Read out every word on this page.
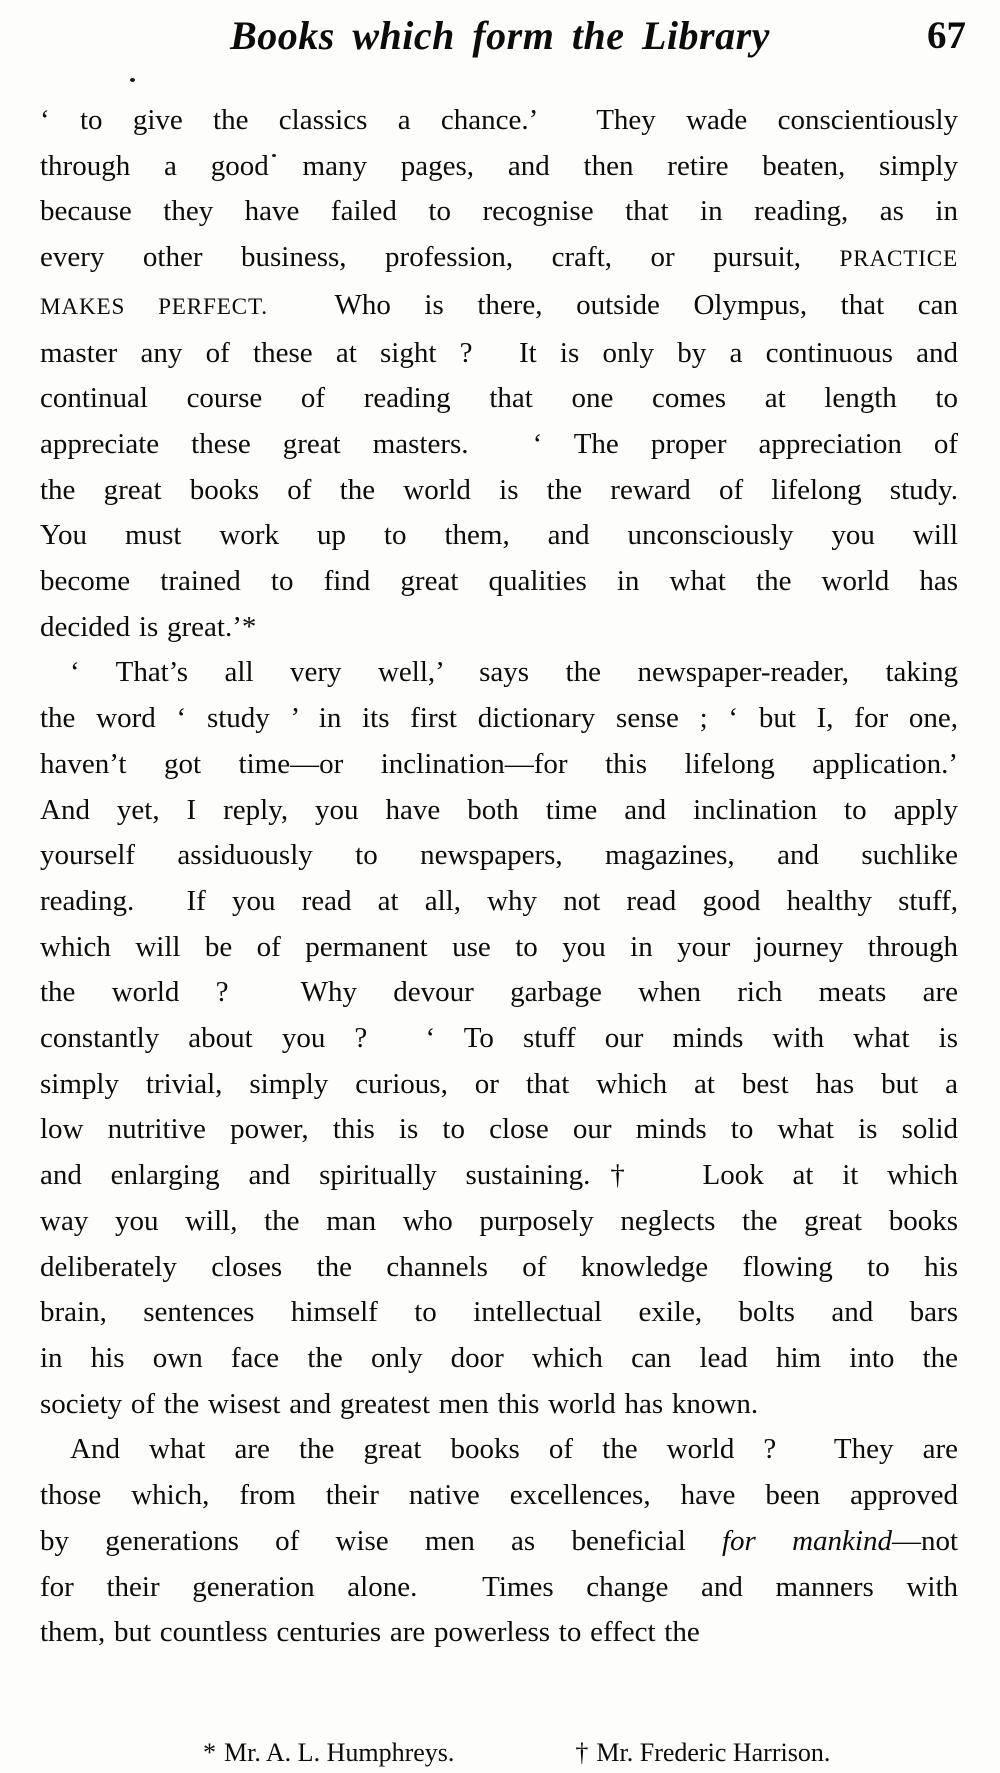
Books which form the Library	67
‘ to give the classics a chance.’  They wade conscientiously
through a good many pages, and then retire beaten, simply
because they have failed to recognise that in reading, as in
every other business, profession, craft, or pursuit, PRACTICE
MAKES PERFECT.  Who is there, outside Olympus, that can
master any of these at sight ?  It is only by a continuous and
continual course of reading that one comes at length to
appreciate these great masters.  ‘ The proper appreciation of
the great books of the world is the reward of lifelong study.
You must work up to them, and unconsciously you will
become trained to find great qualities in what the world has
decided is great.’*
‘ That’s all very well,’ says the newspaper-reader, taking
the word ‘ study ’ in its first dictionary sense ; ‘ but I, for one,
haven’t got time—or inclination—for this lifelong application.’
And yet, I reply, you have both time and inclination to apply
yourself assiduously to newspapers, magazines, and suchlike
reading.  If you read at all, why not read good healthy stuff,
which will be of permanent use to you in your journey through
the world ?  Why devour garbage when rich meats are
constantly about you ?  ‘ To stuff our minds with what is
simply trivial, simply curious, or that which at best has but a
low nutritive power, this is to close our minds to what is solid
and enlarging and spiritually sustaining.†  Look at it which
way you will, the man who purposely neglects the great books
deliberately closes the channels of knowledge flowing to his
brain, sentences himself to intellectual exile, bolts and bars
in his own face the only door which can lead him into the
society of the wisest and greatest men this world has known.
And what are the great books of the world ?  They are
those which, from their native excellences, have been approved
by generations of wise men as beneficial for mankind—not
for their generation alone.  Times change and manners with
them, but countless centuries are powerless to effect the

* Mr. A. L. Humphreys.
	† Mr. Frederic Harrison.
